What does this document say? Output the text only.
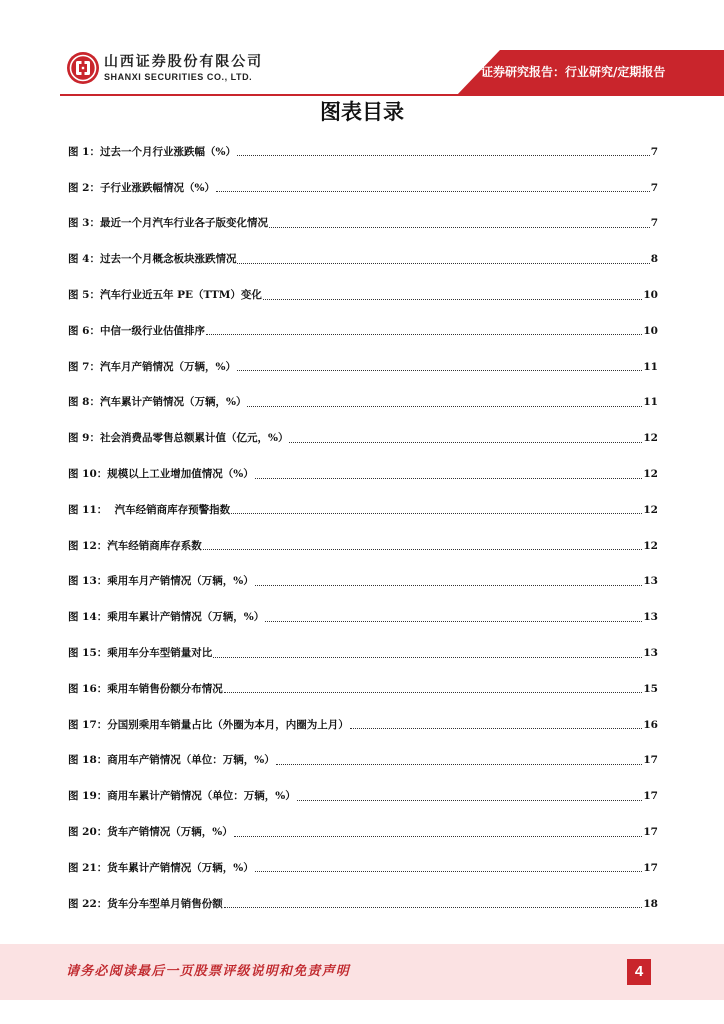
山西证券股份有限公司
SHANXI SECURITIES CO., LTD.	证券研究报告：行业研究/定期报告
图表目录
图 1：过去一个月行业涨跌幅（%）	7
图 2：子行业涨跌幅情况（%）	7
图 3：最近一个月汽车行业各子版变化情况	7
图 4：过去一个月概念板块涨跌情况	8
图 5：汽车行业近五年 PE（TTM）变化	10
图 6：中信一级行业估值排序	10
图 7：汽车月产销情况（万辆，%）	11
图 8：汽车累计产销情况（万辆，%）	11
图 9：社会消费品零售总额累计值（亿元，%）	12
图 10：规模以上工业增加值情况（%）	12
图 11：  汽车经销商库存预警指数	12
图 12：汽车经销商库存系数	12
图 13：乘用车月产销情况（万辆，%）	13
图 14：乘用车累计产销情况（万辆，%）	13
图 15：乘用车分车型销量对比	13
图 16：乘用车销售份额分布情况	15
图 17：分国别乘用车销量占比（外圈为本月，内圈为上月）	16
图 18：商用车产销情况（单位：万辆，%）	17
图 19：商用车累计产销情况（单位：万辆，%）	17
图 20：货车产销情况（万辆，%）	17
图 21：货车累计产销情况（万辆，%）	17
图 22：货车分车型单月销售份额	18
请务必阅读最后一页股票评级说明和免责声明	4
